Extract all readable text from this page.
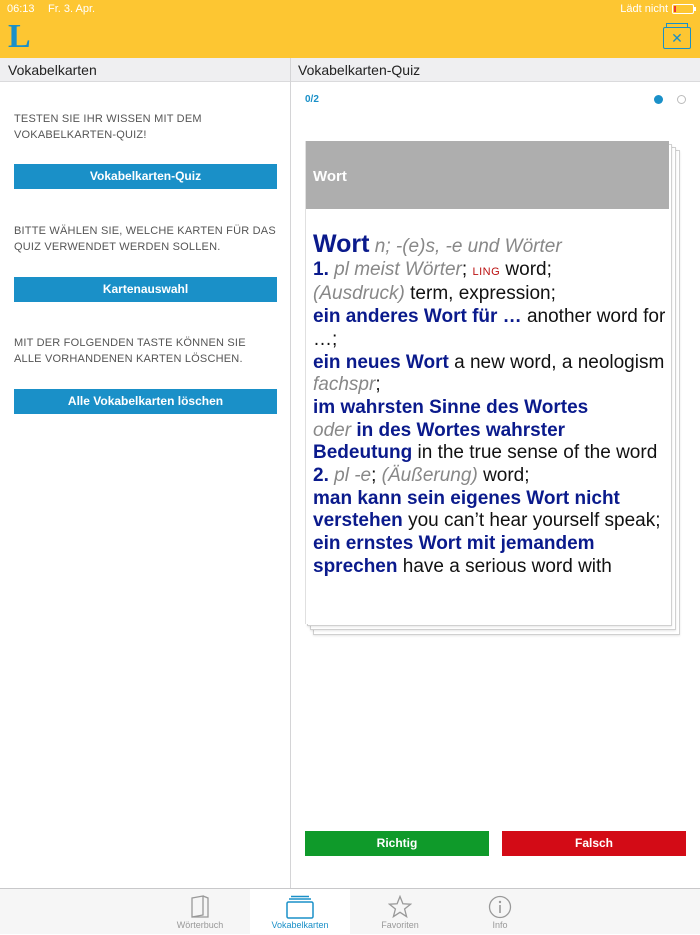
06:13 Fr. 3. Apr.	Lädt nicht
L	✕
Vokabelkarten	Vokabelkarten-Quiz
TESTEN SIE IHR WISSEN MIT DEM VOKABELKARTEN-QUIZ!
Vokabelkarten-Quiz
BITTE WÄHLEN SIE, WELCHE KARTEN FÜR DAS QUIZ VERWENDET WERDEN SOLLEN.
Kartenauswahl
MIT DER FOLGENDEN TASTE KÖNNEN SIE ALLE VORHANDENEN KARTEN LÖSCHEN.
Alle Vokabelkarten löschen
0/2
Wort
Wort n; -(e)s, -e und Wörter
1. pl meist Wörter; LING word;
(Ausdruck) term, expression;
ein anderes Wort für … another word for …;
ein neues Wort a new word, a neologism fachspr;
im wahrsten Sinne des Wortes
oder in des Wortes wahrster Bedeutung in the true sense of the word
2. pl -e; (Äußerung) word;
man kann sein eigenes Wort nicht verstehen you can’t hear yourself speak;
ein ernstes Wort mit jemandem sprechen have a serious word with
Richtig	Falsch
Wörterbuch	Vokabelkarten	Favoriten	Info
